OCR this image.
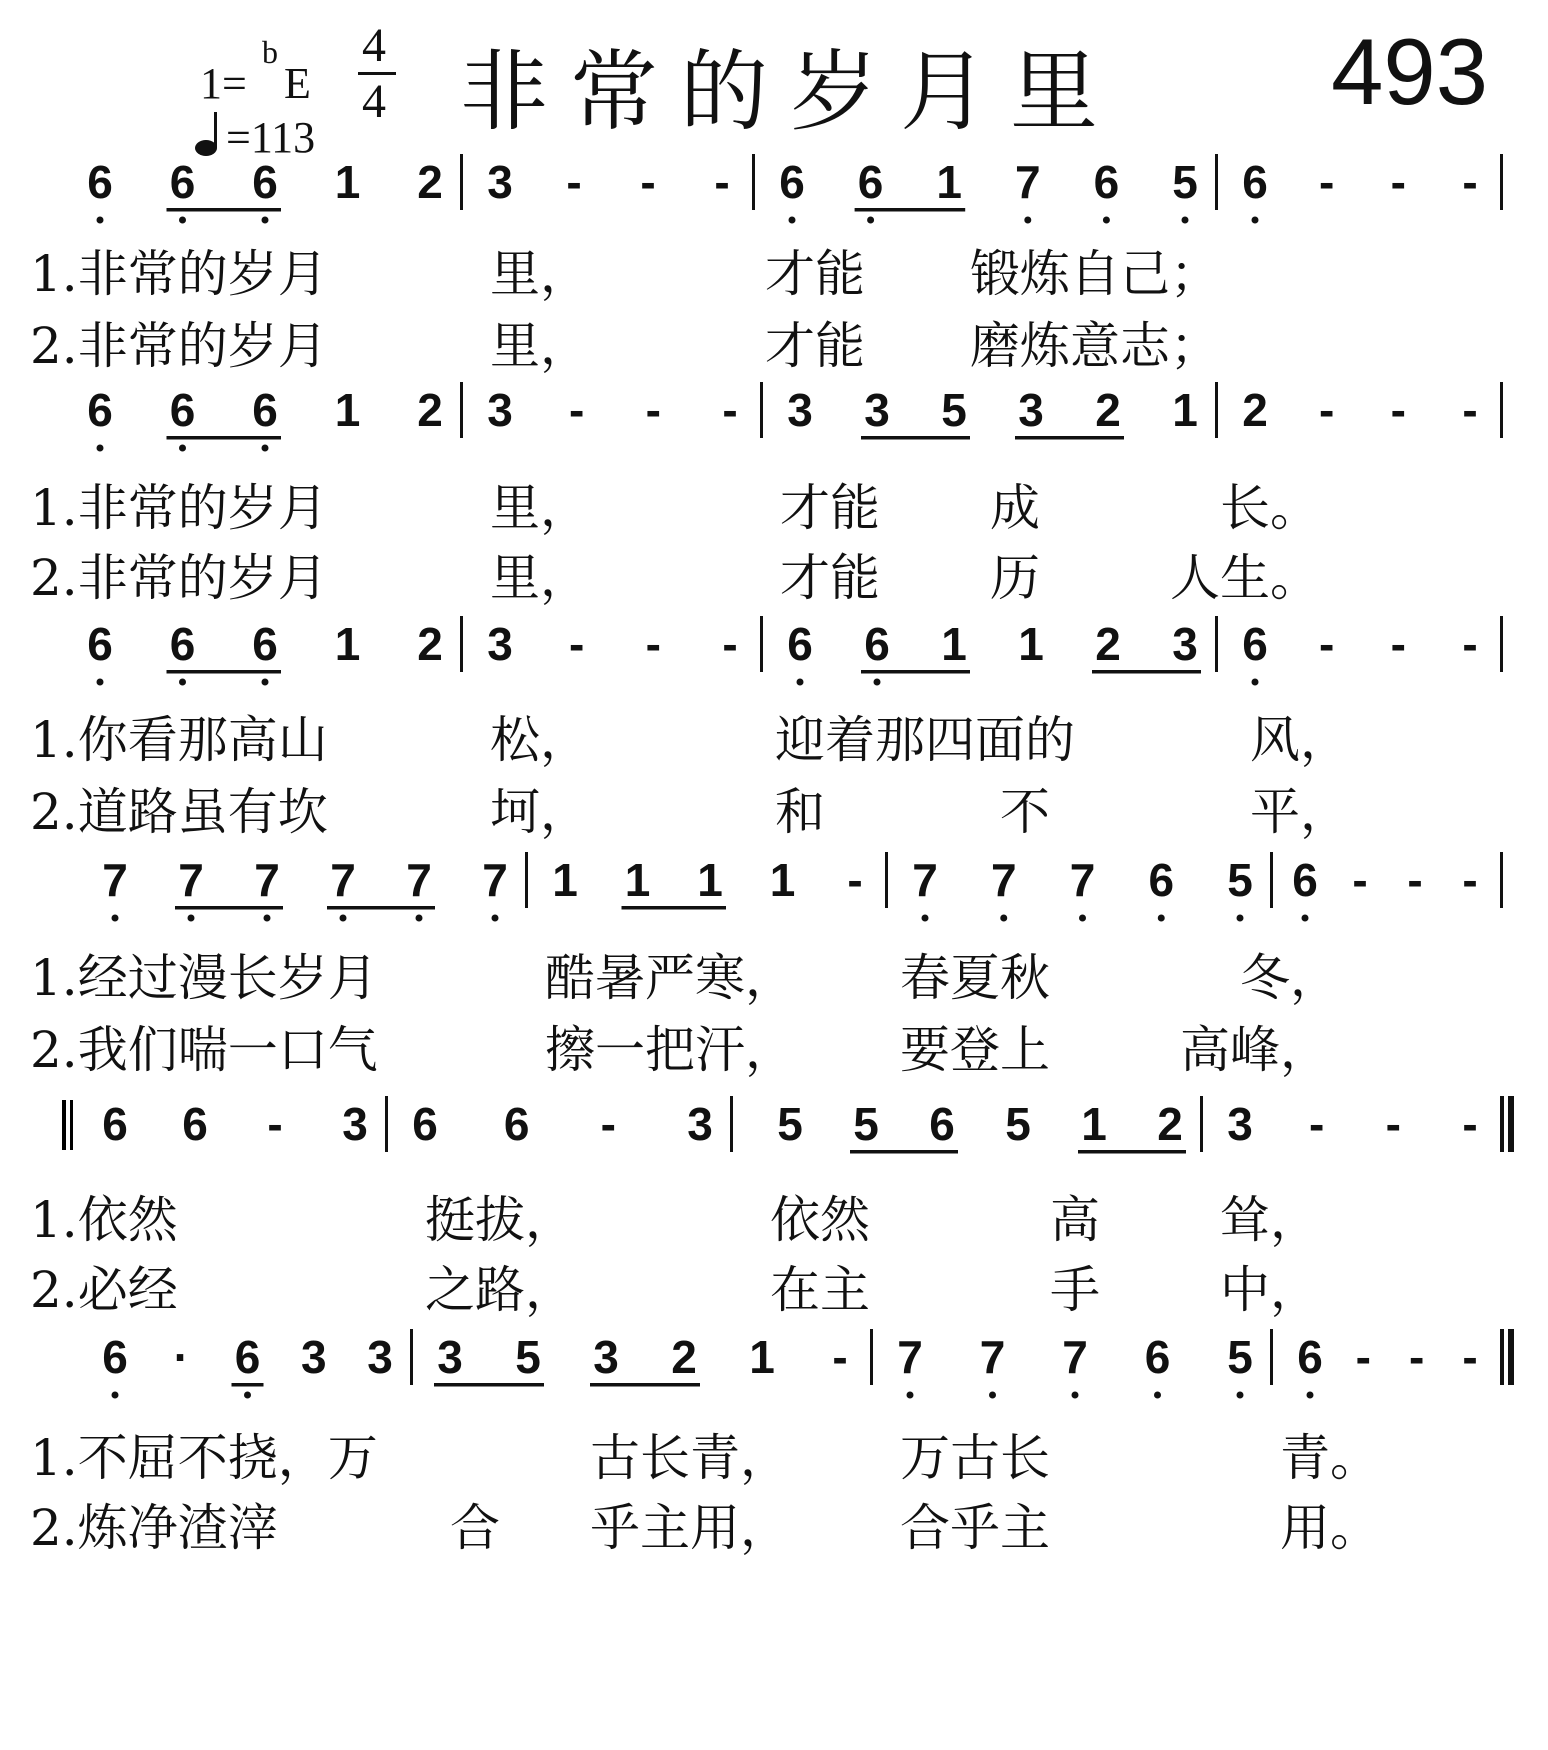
1=
b
E
4
4
=113 非常的岁月里 493
6 6 6 1 2 3 - - - 6 6 1 7 6 5 6 - - -
1.非常的岁月	里，	才能 锻炼自己；
2.非常的岁月	里，	才能 磨炼意志；
6 6 6 1 2 3 - - - 3 3 5 3 2 1 2 - - -
1.非常的岁月	里，	才能 成	长。
2.非常的岁月	里，	才能 历	人生。
6 6 6 1 2 3 - - - 6 6 1 1 2 3 6 - - -
1.你看那高山	松，	迎着那四面的	风，
2.道路虽有坎	坷，	和	不	平，
7 7 7 7 7 7 1 1 1 1 - 7 7 7 6 5 6 - - -
1.经过漫长岁月	酷暑严寒， 春夏秋	冬，
2.我们喘一口气	擦一把汗， 要登上	高峰，
6 6 - 3 6 6 - 3 5 5 6 5 1 2 3 - - -
1.依然	挺拔，	依然	高 耸，
2.必经	之路，	在主	手 中，
6 · 6 3 3 3 5 3 2 1 - 7 7 7 6 5 6 - - -
1.不屈不挠，万	古长青， 万古长	青。
2.炼净渣滓	合 乎主用， 合乎主	用。
